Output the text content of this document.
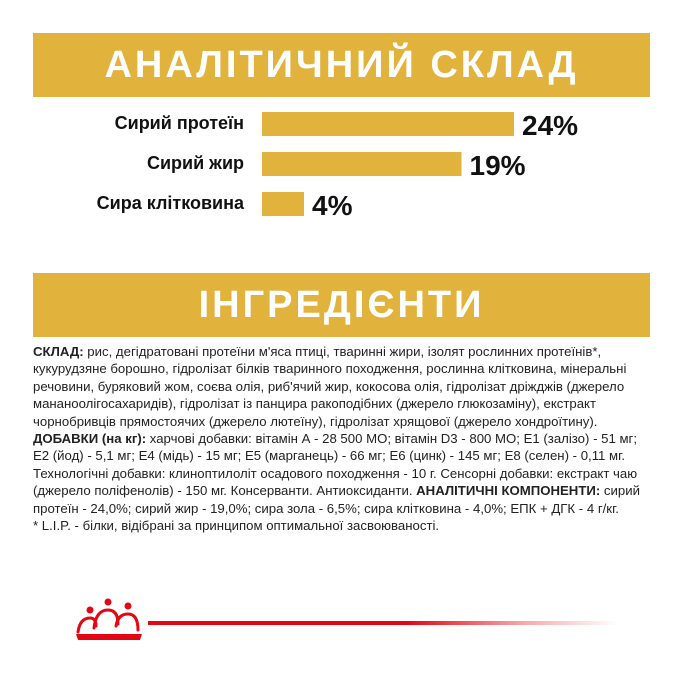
АНАЛІТИЧНИЙ СКЛАД
Сирий протеїн	24%
Сирий жир	19%
Сира клітковина 4%
ІНГРЕДІЄНТИ
СКЛАД: рис, дегідратовані протеїни м'яса птиці, тваринні жири, ізолят рослинних протеїнів*, кукурудзяне борошно, гідролізат білків тваринного походження, рослинна клітковина, мінеральні речовини, буряковий жом, соєва олія, риб'ячий жир, кокосова олія, гідролізат дріжджів (джерело мананоолігосахаридів), гідролізат із панцира ракоподібних (джерело глюкозаміну), екстракт чорнобривців прямостоячих (джерело лютеїну), гідролізат хрящової (джерело хондроїтину). ДОБАВКИ (на кг): харчові добавки: вітамін А - 28 500 МО; вітамін D3 - 800 МО; Е1 (залізо) - 51 мг; Е2 (йод) - 5,1 мг; Е4 (мідь) - 15 мг; Е5 (марганець) - 66 мг; Е6 (цинк) - 145 мг; Е8 (селен) - 0,11 мг. Технологічні добавки: клиноптилоліт осадового походження - 10 г. Сенсорні добавки: екстракт чаю (джерело поліфенолів) - 150 мг. Консерванти. Антиоксиданти. АНАЛІТИЧНІ КОМПОНЕНТИ: сирий протеїн - 24,0%; сирий жир - 19,0%; сира зола - 6,5%; сира клітковина - 4,0%; ЕПК + ДГК - 4 г/кг.
* L.I.P. - білки, відібрані за принципом оптимальної засвоюваності.
